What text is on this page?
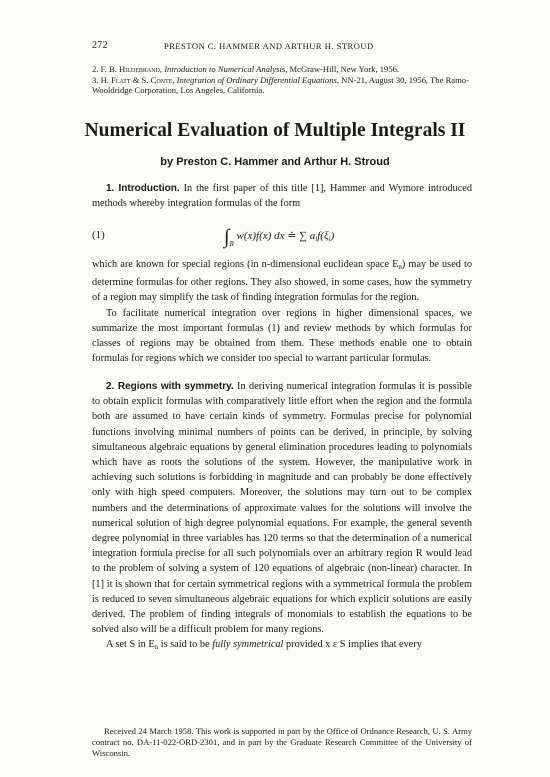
272	PRESTON C. HAMMER AND ARTHUR H. STROUD

2. F. B. Hildebrand, Introduction to Numerical Analysis, McGraw-Hill, New York, 1956.

3. H. Flatt & S. Conte, Integration of Ordinary Differential Equations, NN-21, August 30, 1956, The Ramo-Wooldridge Corporation, Los Angeles, California.

Numerical Evaluation of Multiple Integrals II
by Preston C. Hammer and Arthur H. Stroud

1. Introduction. In the first paper of this title [1], Hammer and Wymore introduced methods whereby integration formulas of the form

(1)	$\int_R$ w(x)f(x) dx ≐ ∑ $a_if(\xi_i)$

which are known for special regions (in n-dimensional euclidean space En) may be used to determine formulas for other regions. They also showed, in some cases, how the symmetry of a region may simplify the task of finding integration formulas for the region.

To facilitate numerical integration over regions in higher dimensional spaces, we summarize the most important formulas (1) and review methods by which formulas for classes of regions may be obtained from them. These methods enable one to obtain formulas for regions which we consider too special to warrant particular formulas.

2. Regions with symmetry. In deriving numerical integration formulas it is possible to obtain explicit formulas with comparatively little effort when the region and the formula both are assumed to have certain kinds of symmetry. Formulas precise for polynomial functions involving minimal numbers of points can be derived, in principle, by solving simultaneous algebraic equations by general elimination procedures leading to polynomials which have as roots the solutions of the system. However, the manipulative work in achieving such solutions is forbidding in magnitude and can probably be done effectively only with high speed computers. Moreover, the solutions may turn out to be complex numbers and the determinations of approximate values for the solutions will involve the numerical solution of high degree polynomial equations. For example, the general seventh degree polynomial in three variables has 120 terms so that the determination of a numerical integration formula precise for all such polynomials over an arbitrary region R would lead to the problem of solving a system of 120 equations of algebraic (non-linear) character. In [1] it is shown that for certain symmetrical regions with a symmetrical formula the problem is reduced to seven simultaneous algebraic equations for which explicit solutions are easily derived. The problem of finding integrals of monomials to establish the equations to be solved also will be a difficult problem for many regions.

A set S in En is said to be fully symmetrical provided x ε S implies that every

Received 24 March 1958. This work is supported in part by the Office of Ordnance Research, U. S. Army contract no. DA-11-022-ORD-2301, and in part by the Graduate Research Committee of the University of Wisconsin.
